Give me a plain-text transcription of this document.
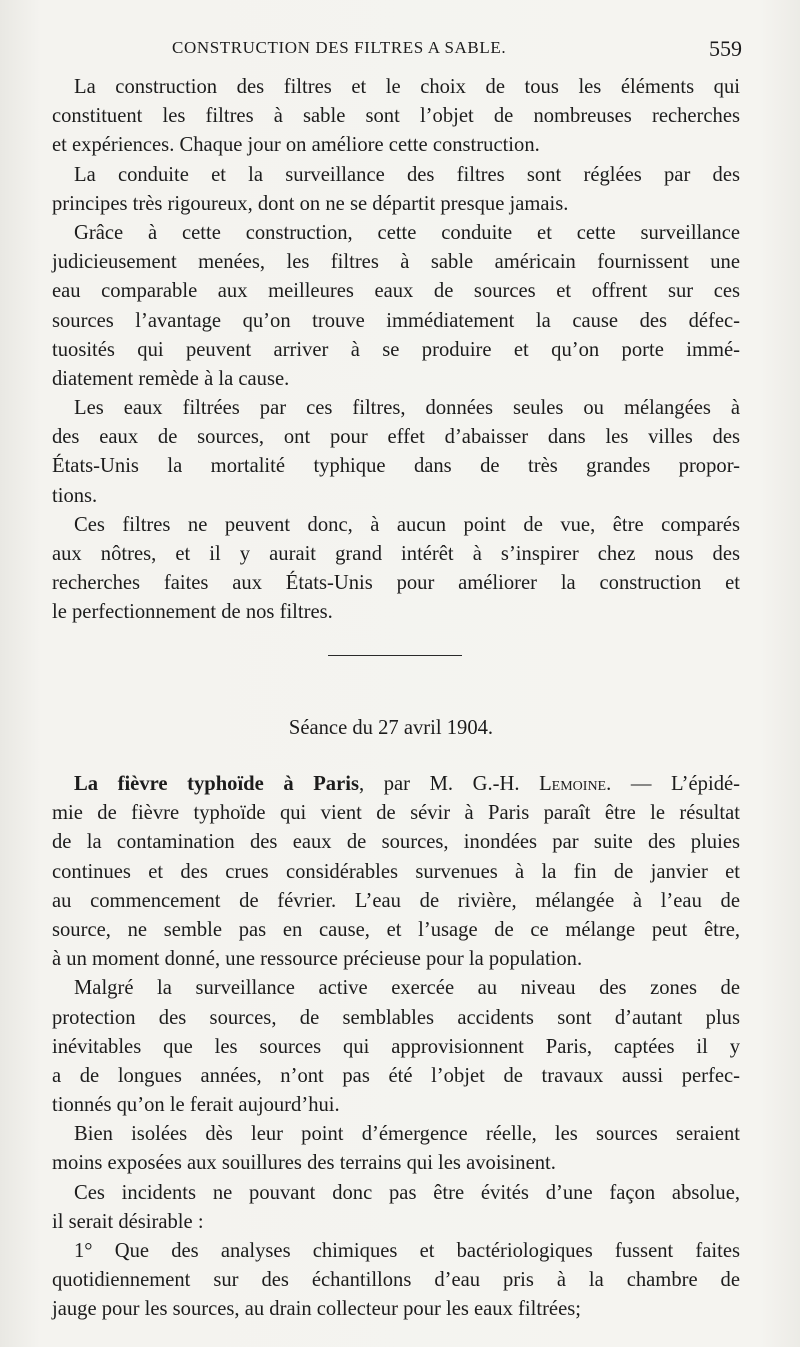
CONSTRUCTION DES FILTRES A SABLE.	559

La construction des filtres et le choix de tous les éléments qui
constituent les filtres à sable sont l’objet de nombreuses recherches
et expériences. Chaque jour on améliore cette construction.

La conduite et la surveillance des filtres sont réglées par des
principes très rigoureux, dont on ne se départit presque jamais.

Grâce à cette construction, cette conduite et cette surveillance
judicieusement menées, les filtres à sable américain fournissent une
eau comparable aux meilleures eaux de sources et offrent sur ces
sources l’avantage qu’on trouve immédiatement la cause des défec-
tuosités qui peuvent arriver à se produire et qu’on porte immé-
diatement remède à la cause.

Les eaux filtrées par ces filtres, données seules ou mélangées à
des eaux de sources, ont pour effet d’abaisser dans les villes des
États-Unis la mortalité typhique dans de très grandes propor-
tions.

Ces filtres ne peuvent donc, à aucun point de vue, être comparés
aux nôtres, et il y aurait grand intérêt à s’inspirer chez nous des
recherches faites aux États-Unis pour améliorer la construction et
le perfectionnement de nos filtres.

Séance du 27 avril 1904.

La fièvre typhoïde à Paris, par M. G.-H. Lemoine. — L’épidé-
mie de fièvre typhoïde qui vient de sévir à Paris paraît être le résultat
de la contamination des eaux de sources, inondées par suite des pluies
continues et des crues considérables survenues à la fin de janvier et
au commencement de février. L’eau de rivière, mélangée à l’eau de
source, ne semble pas en cause, et l’usage de ce mélange peut être,
à un moment donné, une ressource précieuse pour la population.

Malgré la surveillance active exercée au niveau des zones de
protection des sources, de semblables accidents sont d’autant plus
inévitables que les sources qui approvisionnent Paris, captées il y
a de longues années, n’ont pas été l’objet de travaux aussi perfec-
tionnés qu’on le ferait aujourd’hui.

Bien isolées dès leur point d’émergence réelle, les sources seraient
moins exposées aux souillures des terrains qui les avoisinent.

Ces incidents ne pouvant donc pas être évités d’une façon absolue,
il serait désirable :

1° Que des analyses chimiques et bactériologiques fussent faites
quotidiennement sur des échantillons d’eau pris à la chambre de
jauge pour les sources, au drain collecteur pour les eaux filtrées;
